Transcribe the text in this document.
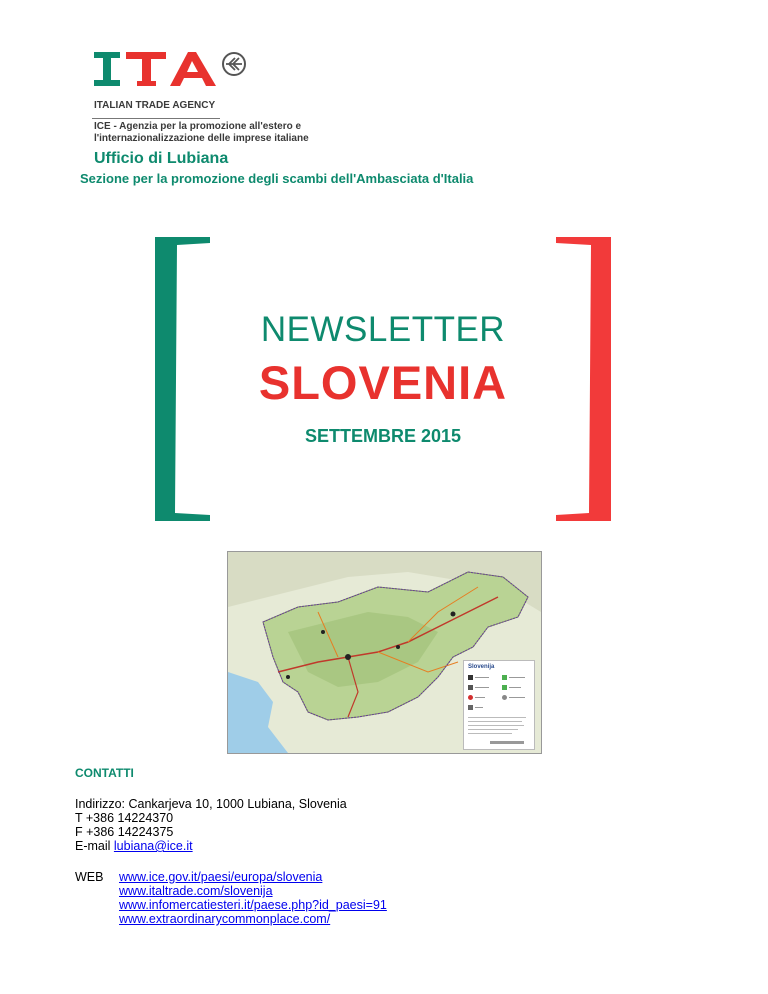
ITALIAN TRADE AGENCY
ICE - Agenzia per la promozione all'estero e
l'internazionalizzazione delle imprese italiane
Ufficio di Lubiana
Sezione per la promozione degli scambi dell'Ambasciata d'Italia
NEWSLETTER
SLOVENIA
SETTEMBRE 2015
Slovenija
CONTATTI
Indirizzo: Cankarjeva 10, 1000 Lubiana, Slovenia
T +386 14224370
F +386 14224375
E-mail lubiana@ice.it
WEB www.ice.gov.it/paesi/europa/slovenia
www.italtrade.com/slovenija
www.infomercatiesteri.it/paese.php?id_paesi=91
www.extraordinarycommonplace.com/
